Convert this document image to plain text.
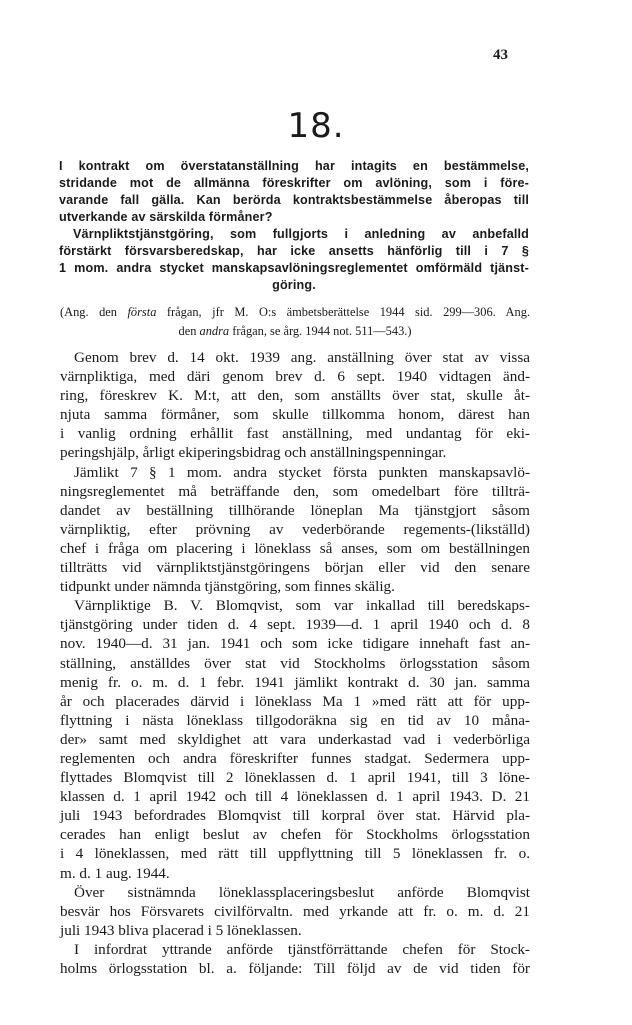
43
18.
I kontrakt om överstatanställning har intagits en bestämmelse,
stridande mot de allmänna föreskrifter om avlöning, som i före-
varande fall gälla. Kan berörda kontraktsbestämmelse åberopas till
utverkande av särskilda förmåner?
Värnpliktstjänstgöring, som fullgjorts i anledning av anbefalld
förstärkt försvarsberedskap, har icke ansetts hänförlig till i 7 §
1 mom. andra stycket manskapsavlöningsreglementet omförmäld tjänst-
göring.
(Ang. den första frågan, jfr M. O:s ämbetsberättelse 1944 sid. 299—306. Ang.
den andra frågan, se årg. 1944 not. 511—543.)
Genom brev d. 14 okt. 1939 ang. anställning över stat av vissa
värnpliktiga, med däri genom brev d. 6 sept. 1940 vidtagen änd-
ring, föreskrev K. M:t, att den, som anställts över stat, skulle åt-
njuta samma förmåner, som skulle tillkomma honom, därest han
i vanlig ordning erhållit fast anställning, med undantag för eki-
peringshjälp, årligt ekiperingsbidrag och anställningspenningar.
Jämlikt 7 § 1 mom. andra stycket första punkten manskapsavlö-
ningsreglementet må beträffande den, som omedelbart före tillträ-
dandet av beställning tillhörande löneplan Ma tjänstgjort såsom
värnpliktig, efter prövning av vederbörande regements-(likställd)
chef i fråga om placering i löneklass så anses, som om beställningen
tillträtts vid värnpliktstjänstgöringens början eller vid den senare
tidpunkt under nämnda tjänstgöring, som finnes skälig.
Värnpliktige B. V. Blomqvist, som var inkallad till beredskaps-
tjänstgöring under tiden d. 4 sept. 1939—d. 1 april 1940 och d. 8
nov. 1940—d. 31 jan. 1941 och som icke tidigare innehaft fast an-
ställning, anställdes över stat vid Stockholms örlogsstation såsom
menig fr. o. m. d. 1 febr. 1941 jämlikt kontrakt d. 30 jan. samma
år och placerades därvid i löneklass Ma 1 »med rätt att för upp-
flyttning i nästa löneklass tillgodoräkna sig en tid av 10 måna-
der» samt med skyldighet att vara underkastad vad i vederbörliga
reglementen och andra föreskrifter funnes stadgat. Sedermera upp-
flyttades Blomqvist till 2 löneklassen d. 1 april 1941, till 3 löne-
klassen d. 1 april 1942 och till 4 löneklassen d. 1 april 1943. D. 21
juli 1943 befordrades Blomqvist till korpral över stat. Härvid pla-
cerades han enligt beslut av chefen för Stockholms örlogsstation
i 4 löneklassen, med rätt till uppflyttning till 5 löneklassen fr. o.
m. d. 1 aug. 1944.
Över sistnämnda löneklassplaceringsbeslut anförde Blomqvist
besvär hos Försvarets civilförvaltn. med yrkande att fr. o. m. d. 21
juli 1943 bliva placerad i 5 löneklassen.
I infordrat yttrande anförde tjänstförrättande chefen för Stock-
holms örlogsstation bl. a. följande: Till följd av de vid tiden för
